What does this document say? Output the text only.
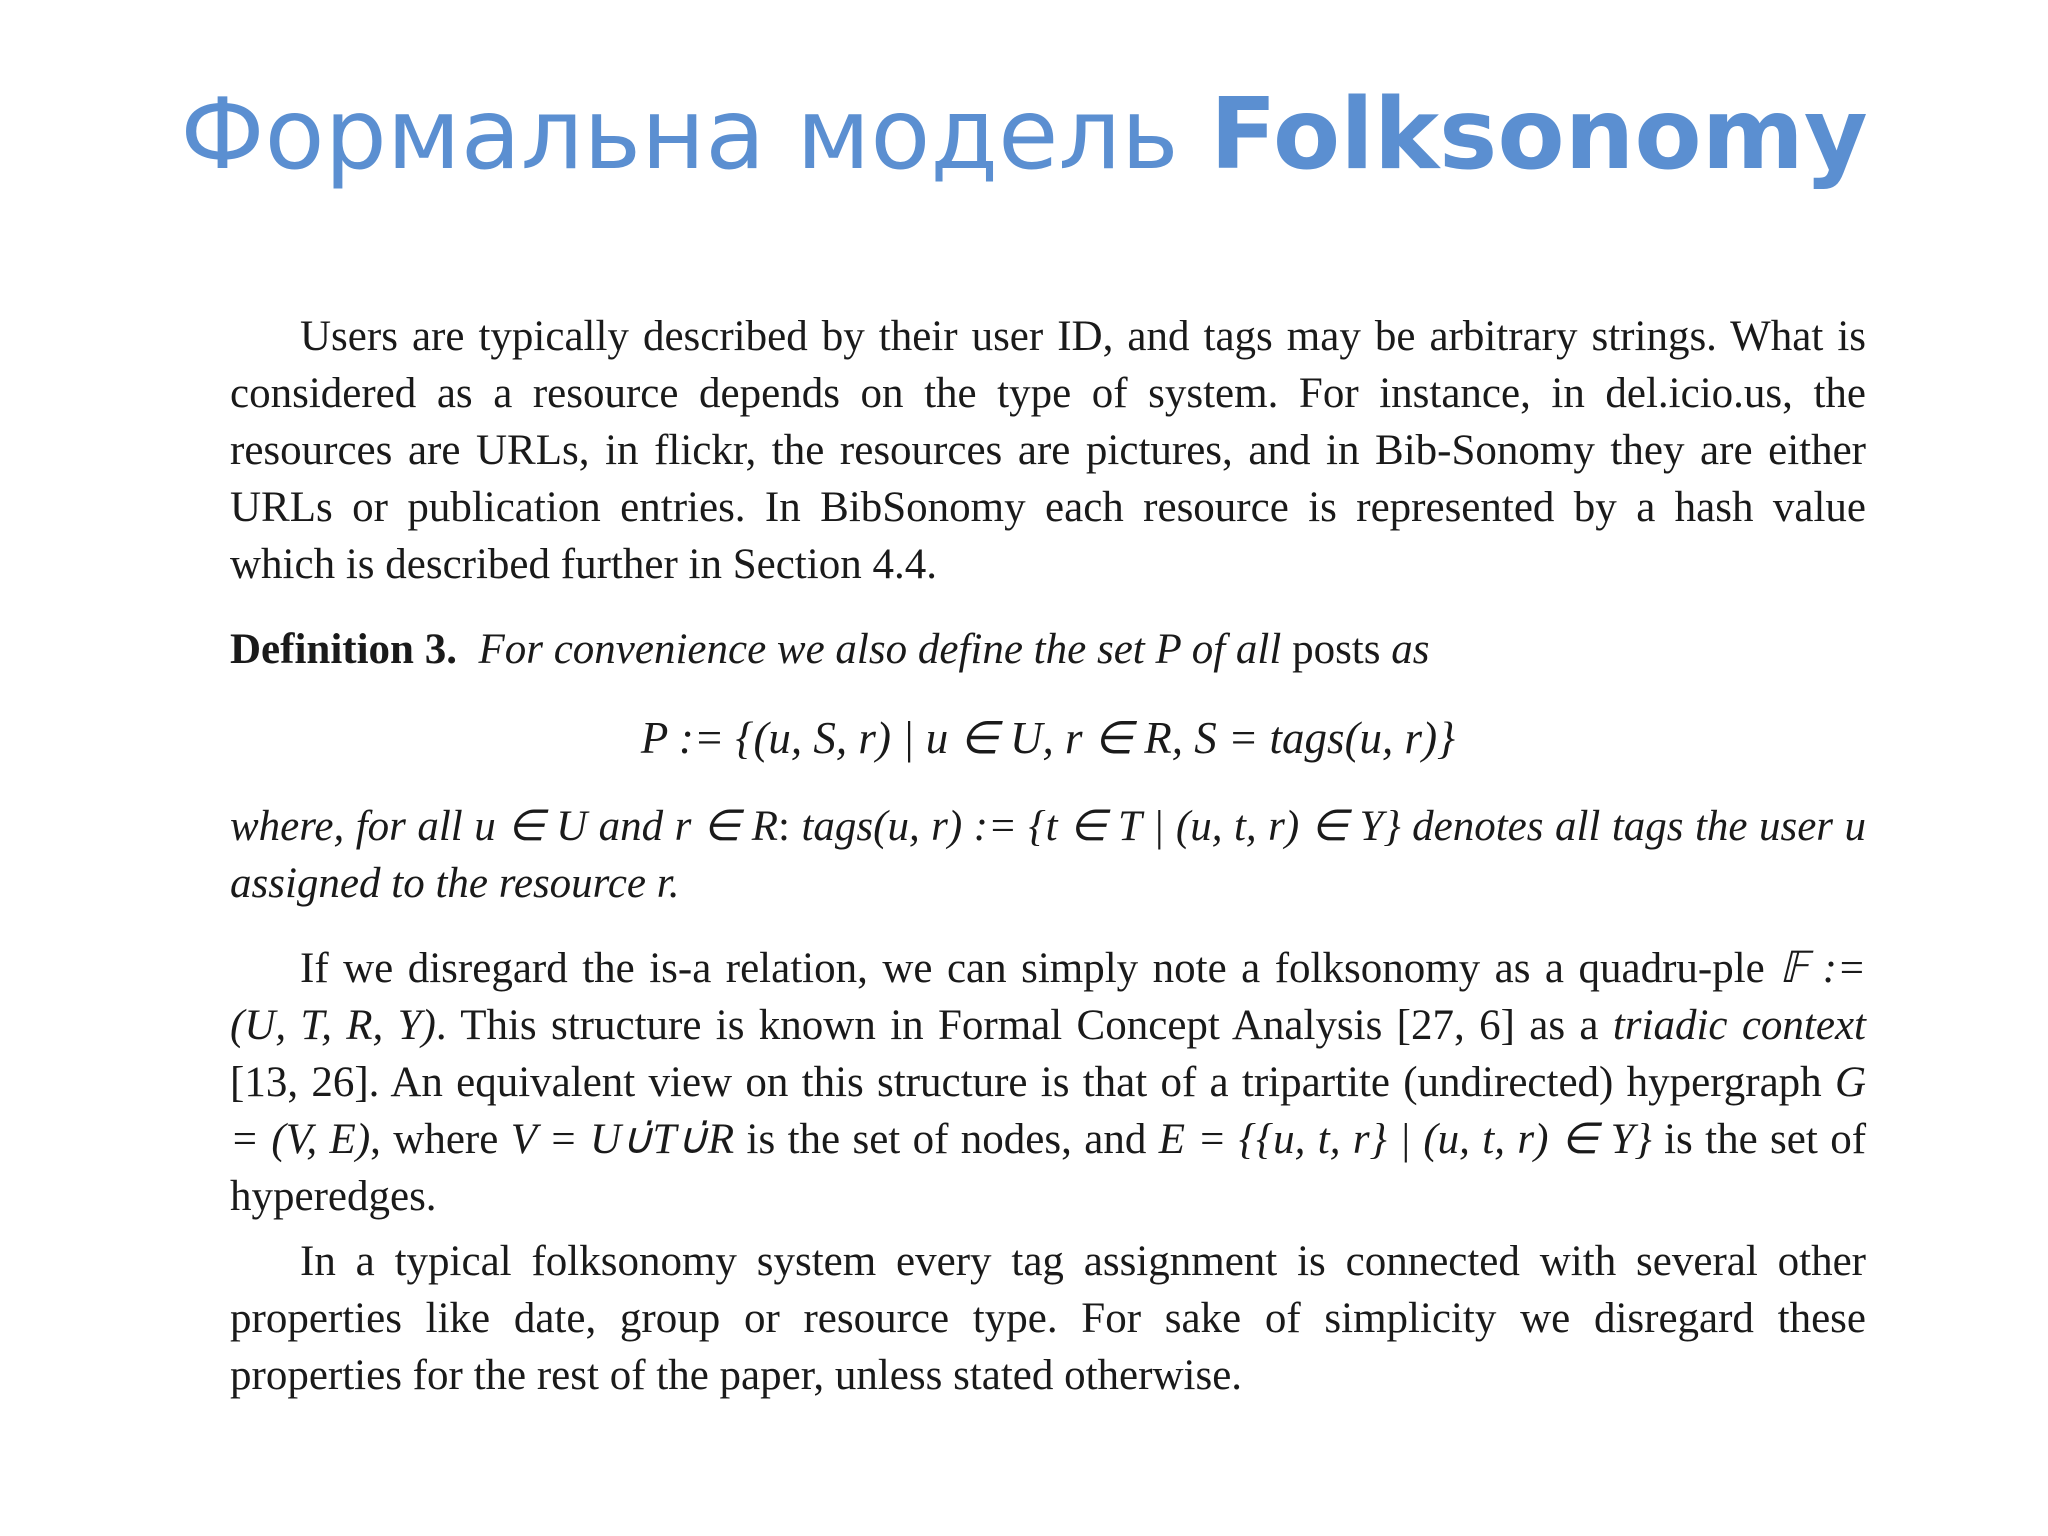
Формальна модель Folksonomy

Users are typically described by their user ID, and tags may be arbitrary strings. What is considered as a resource depends on the type of system. For instance, in del.icio.us, the resources are URLs, in flickr, the resources are pictures, and in Bib-Sonomy they are either URLs or publication entries. In BibSonomy each resource is represented by a hash value which is described further in Section 4.4.

Definition 3. For convenience we also define the set P of all posts as

P := {(u, S, r) | u ∈ U, r ∈ R, S = tags(u, r)}

where, for all u ∈ U and r ∈ R: tags(u, r) := {t ∈ T | (u, t, r) ∈ Y} denotes all tags the user u assigned to the resource r.

If we disregard the is-a relation, we can simply note a folksonomy as a quadru-ple 𝔽 := (U, T, R, Y). This structure is known in Formal Concept Analysis [27, 6] as a triadic context [13, 26]. An equivalent view on this structure is that of a tripartite (undirected) hypergraph G = (V, E), where V = U∪̇T∪̇R is the set of nodes, and E = {{u, t, r} | (u, t, r) ∈ Y} is the set of hyperedges.

In a typical folksonomy system every tag assignment is connected with several other properties like date, group or resource type. For sake of simplicity we disregard these properties for the rest of the paper, unless stated otherwise.
